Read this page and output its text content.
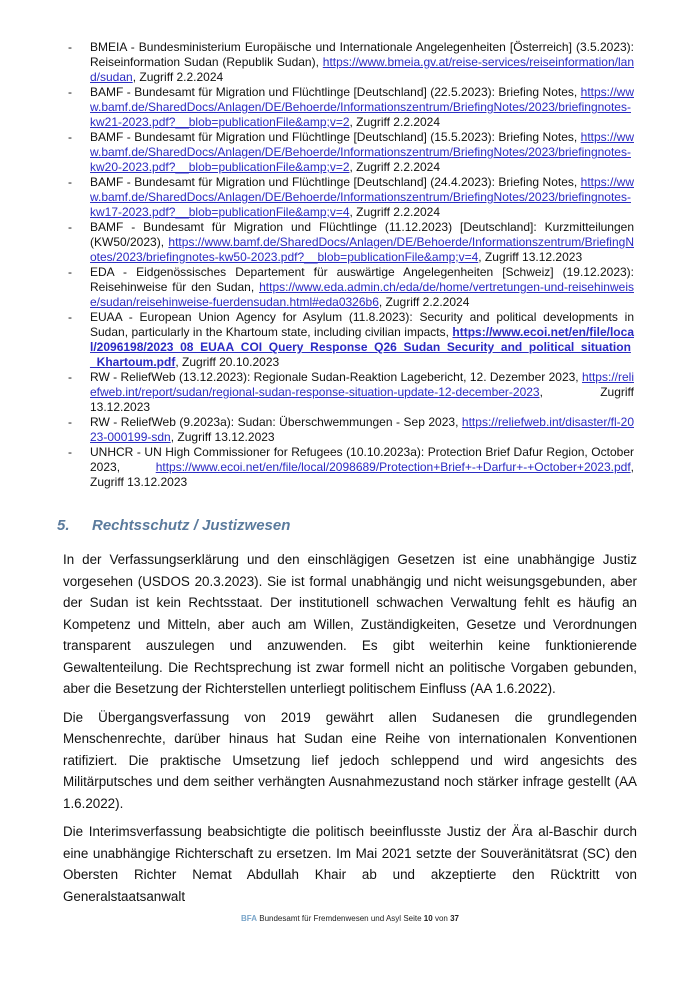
- BMEIA - Bundesministerium Europäische und Internationale Angelegenheiten [Österreich] (3.5.2023): Reiseinformation Sudan (Republik Sudan), https://www.bmeia.gv.at/reise-services/reiseinformation/land/sudan, Zugriff 2.2.2024
- BAMF - Bundesamt für Migration und Flüchtlinge [Deutschland] (22.5.2023): Briefing Notes, https://www.bamf.de/SharedDocs/Anlagen/DE/Behoerde/Informationszentrum/BriefingNotes/2023/briefingnotes-kw21-2023.pdf?__blob=publicationFile&amp;v=2, Zugriff 2.2.2024
- BAMF - Bundesamt für Migration und Flüchtlinge [Deutschland] (15.5.2023): Briefing Notes, https://www.bamf.de/SharedDocs/Anlagen/DE/Behoerde/Informationszentrum/BriefingNotes/2023/briefingnotes-kw20-2023.pdf?__blob=publicationFile&amp;v=2, Zugriff 2.2.2024
- BAMF - Bundesamt für Migration und Flüchtlinge [Deutschland] (24.4.2023): Briefing Notes, https://www.bamf.de/SharedDocs/Anlagen/DE/Behoerde/Informationszentrum/BriefingNotes/2023/briefingnotes-kw17-2023.pdf?__blob=publicationFile&amp;v=4, Zugriff 2.2.2024
- BAMF - Bundesamt für Migration und Flüchtlinge (11.12.2023) [Deutschland]: Kurzmitteilungen (KW50/2023), https://www.bamf.de/SharedDocs/Anlagen/DE/Behoerde/Informationszentrum/BriefingNotes/2023/briefingnotes-kw50-2023.pdf?__blob=publicationFile&amp;v=4, Zugriff 13.12.2023
- EDA - Eidgenössisches Departement für auswärtige Angelegenheiten [Schweiz] (19.12.2023): Reisehinweise für den Sudan, https://www.eda.admin.ch/eda/de/home/vertretungen-und-reisehinweise/sudan/reisehinweise-fuerdensudan.html#eda0326b6, Zugriff 2.2.2024
- EUAA - European Union Agency for Asylum (11.8.2023): Security and political developments in Sudan, particularly in the Khartoum state, including civilian impacts, https://www.ecoi.net/en/file/local/2096198/2023_08_EUAA_COI_Query_Response_Q26_Sudan_Security_and_political_situation_Khartoum.pdf, Zugriff 20.10.2023
- RW - ReliefWeb (13.12.2023): Regionale Sudan-Reaktion Lagebericht, 12. Dezember 2023, https://reliefweb.int/report/sudan/regional-sudan-response-situation-update-12-december-2023, Zugriff 13.12.2023
- RW - ReliefWeb (9.2023a): Sudan: Überschwemmungen - Sep 2023, https://reliefweb.int/disaster/fl-2023-000199-sdn, Zugriff 13.12.2023
- UNHCR - UN High Commissioner for Refugees (10.10.2023a): Protection Brief Dafur Region, October 2023, https://www.ecoi.net/en/file/local/2098689/Protection+Brief+-+Darfur+-+October+2023.pdf, Zugriff 13.12.2023
5. Rechtsschutz / Justizwesen

In der Verfassungserklärung und den einschlägigen Gesetzen ist eine unabhängige Justiz vorgesehen (USDOS 20.3.2023). Sie ist formal unabhängig und nicht weisungsgebunden, aber der Sudan ist kein Rechtsstaat. Der institutionell schwachen Verwaltung fehlt es häufig an Kompetenz und Mitteln, aber auch am Willen, Zuständigkeiten, Gesetze und Verordnungen transparent auszulegen und anzuwenden. Es gibt weiterhin keine funktionierende Gewaltenteilung. Die Rechtsprechung ist zwar formell nicht an politische Vorgaben gebunden, aber die Besetzung der Richterstellen unterliegt politischem Einfluss (AA 1.6.2022).

Die Übergangsverfassung von 2019 gewährt allen Sudanesen die grundlegenden Menschenrechte, darüber hinaus hat Sudan eine Reihe von internationalen Konventionen ratifiziert. Die praktische Umsetzung lief jedoch schleppend und wird angesichts des Militärputsches und dem seither verhängten Ausnahmezustand noch stärker infrage gestellt (AA 1.6.2022).

Die Interimsverfassung beabsichtigte die politisch beeinflusste Justiz der Ära al-Baschir durch eine unabhängige Richterschaft zu ersetzen. Im Mai 2021 setzte der Souveränitätsrat (SC) den Obersten Richter Nemat Abdullah Khair ab und akzeptierte den Rücktritt von Generalstaatsanwalt

BFA Bundesamt für Fremdenwesen und Asyl Seite 10 von 37
